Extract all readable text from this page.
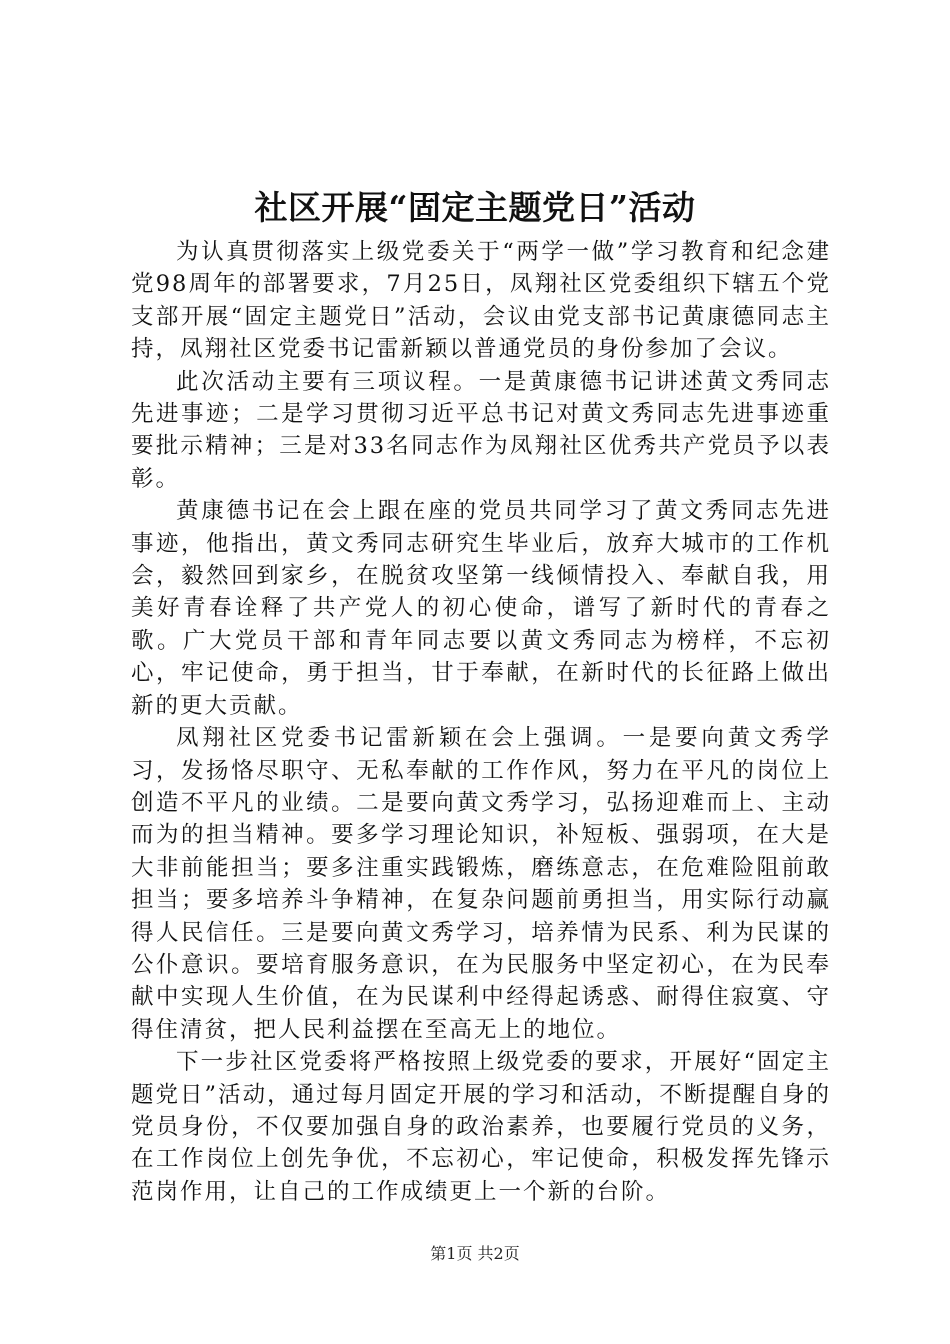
社区开展“固定主题党日”活动

为认真贯彻落实上级党委关于“两学一做”学习教育和纪念建党98周年的部署要求，7月25日，凤翔社区党委组织下辖五个党支部开展“固定主题党日”活动，会议由党支部书记黄康德同志主持，凤翔社区党委书记雷新颖以普通党员的身份参加了会议。

此次活动主要有三项议程。一是黄康德书记讲述黄文秀同志先进事迹；二是学习贯彻习近平总书记对黄文秀同志先进事迹重要批示精神；三是对33名同志作为凤翔社区优秀共产党员予以表彰。

黄康德书记在会上跟在座的党员共同学习了黄文秀同志先进事迹，他指出，黄文秀同志研究生毕业后，放弃大城市的工作机会，毅然回到家乡，在脱贫攻坚第一线倾情投入、奉献自我，用美好青春诠释了共产党人的初心使命，谱写了新时代的青春之歌。广大党员干部和青年同志要以黄文秀同志为榜样，不忘初心，牢记使命，勇于担当，甘于奉献，在新时代的长征路上做出新的更大贡献。

凤翔社区党委书记雷新颖在会上强调。一是要向黄文秀学习，发扬恪尽职守、无私奉献的工作作风，努力在平凡的岗位上创造不平凡的业绩。二是要向黄文秀学习，弘扬迎难而上、主动而为的担当精神。要多学习理论知识，补短板、强弱项，在大是大非前能担当；要多注重实践锻炼，磨练意志，在危难险阻前敢担当；要多培养斗争精神，在复杂问题前勇担当，用实际行动赢得人民信任。三是要向黄文秀学习，培养情为民系、利为民谋的公仆意识。要培育服务意识，在为民服务中坚定初心，在为民奉献中实现人生价值，在为民谋利中经得起诱惑、耐得住寂寞、守得住清贫，把人民利益摆在至高无上的地位。

下一步社区党委将严格按照上级党委的要求，开展好“固定主题党日”活动，通过每月固定开展的学习和活动，不断提醒自身的党员身份，不仅要加强自身的政治素养，也要履行党员的义务，在工作岗位上创先争优，不忘初心，牢记使命，积极发挥先锋示范岗作用，让自己的工作成绩更上一个新的台阶。

第1页 共2页
